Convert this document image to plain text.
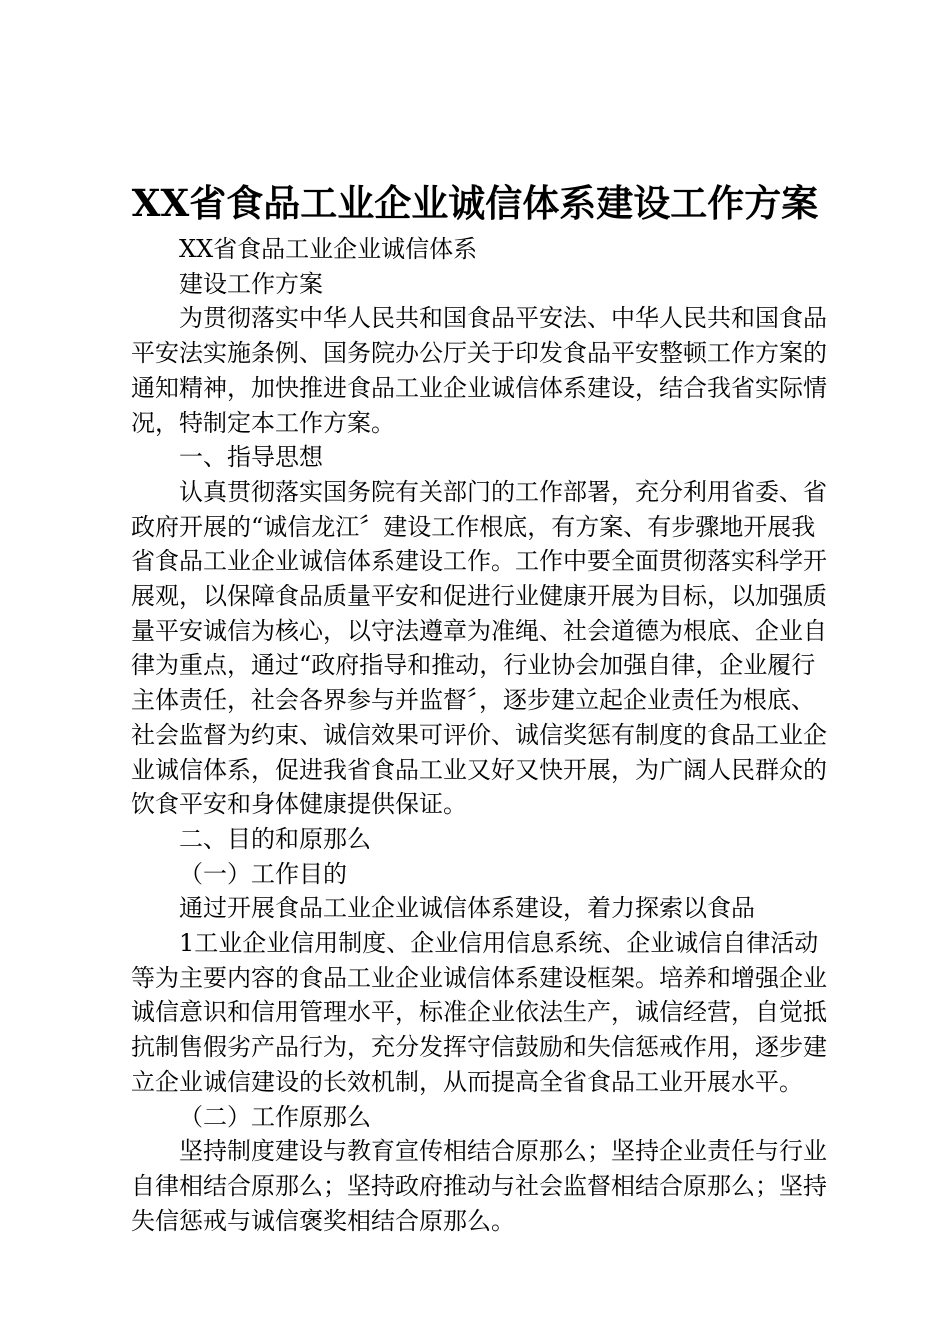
XX省食品工业企业诚信体系建设工作方案

XX省食品工业企业诚信体系

建设工作方案

为贯彻落实中华人民共和国食品平安法、中华人民共和国食品平安法实施条例、国务院办公厅关于印发食品平安整顿工作方案的通知精神，加快推进食品工业企业诚信体系建设，结合我省实际情况，特制定本工作方案。

一、指导思想

认真贯彻落实国务院有关部门的工作部署，充分利用省委、省政府开展的“诚信龙江〞建设工作根底，有方案、有步骤地开展我省食品工业企业诚信体系建设工作。工作中要全面贯彻落实科学开展观，以保障食品质量平安和促进行业健康开展为目标，以加强质量平安诚信为核心，以守法遵章为准绳、社会道德为根底、企业自律为重点，通过“政府指导和推动，行业协会加强自律，企业履行主体责任，社会各界参与并监督〞，逐步建立起企业责任为根底、社会监督为约束、诚信效果可评价、诚信奖惩有制度的食品工业企业诚信体系，促进我省食品工业又好又快开展，为广阔人民群众的饮食平安和身体健康提供保证。

二、目的和原那么

（一）工作目的

通过开展食品工业企业诚信体系建设，着力探索以食品

1工业企业信用制度、企业信用信息系统、企业诚信自律活动等为主要内容的食品工业企业诚信体系建设框架。培养和增强企业诚信意识和信用管理水平，标准企业依法生产，诚信经营，自觉抵抗制售假劣产品行为，充分发挥守信鼓励和失信惩戒作用，逐步建立企业诚信建设的长效机制，从而提高全省食品工业开展水平。

（二）工作原那么

坚持制度建设与教育宣传相结合原那么；坚持企业责任与行业自律相结合原那么；坚持政府推动与社会监督相结合原那么；坚持失信惩戒与诚信褒奖相结合原那么。
